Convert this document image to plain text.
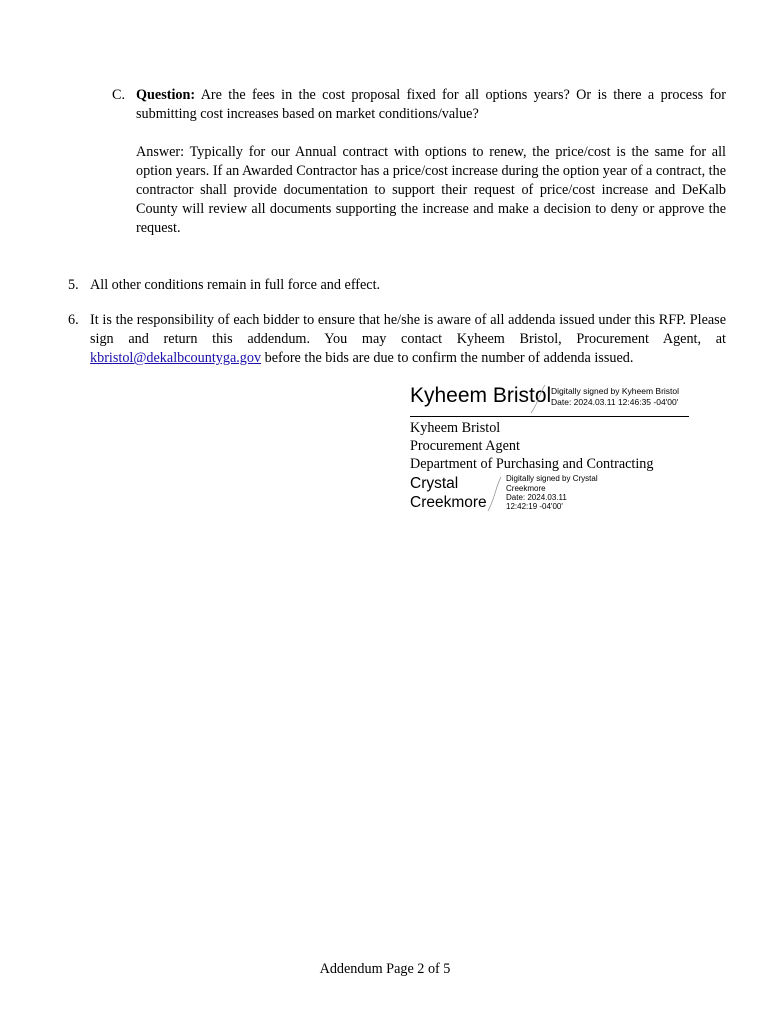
C. Question: Are the fees in the cost proposal fixed for all options years? Or is there a process for submitting cost increases based on market conditions/value?

Answer: Typically for our Annual contract with options to renew, the price/cost is the same for all option years. If an Awarded Contractor has a price/cost increase during the option year of a contract, the contractor shall provide documentation to support their request of price/cost increase and DeKalb County will review all documents supporting the increase and make a decision to deny or approve the request.

5. All other conditions remain in full force and effect.

6. It is the responsibility of each bidder to ensure that he/she is aware of all addenda issued under this RFP. Please sign and return this addendum. You may contact Kyheem Bristol, Procurement Agent, at kbristol@dekalbcountyga.gov before the bids are due to confirm the number of addenda issued.

Kyheem Bristol Digitally signed by Kyheem Bristol
Date: 2024.03.11 12:46:35 -04'00'
Kyheem Bristol
Procurement Agent
Department of Purchasing and Contracting
Crystal
Creekmore
Digitally signed by Crystal
Creekmore
Date: 2024.03.11
12:42:19 -04'00'
Addendum Page 2 of 5
